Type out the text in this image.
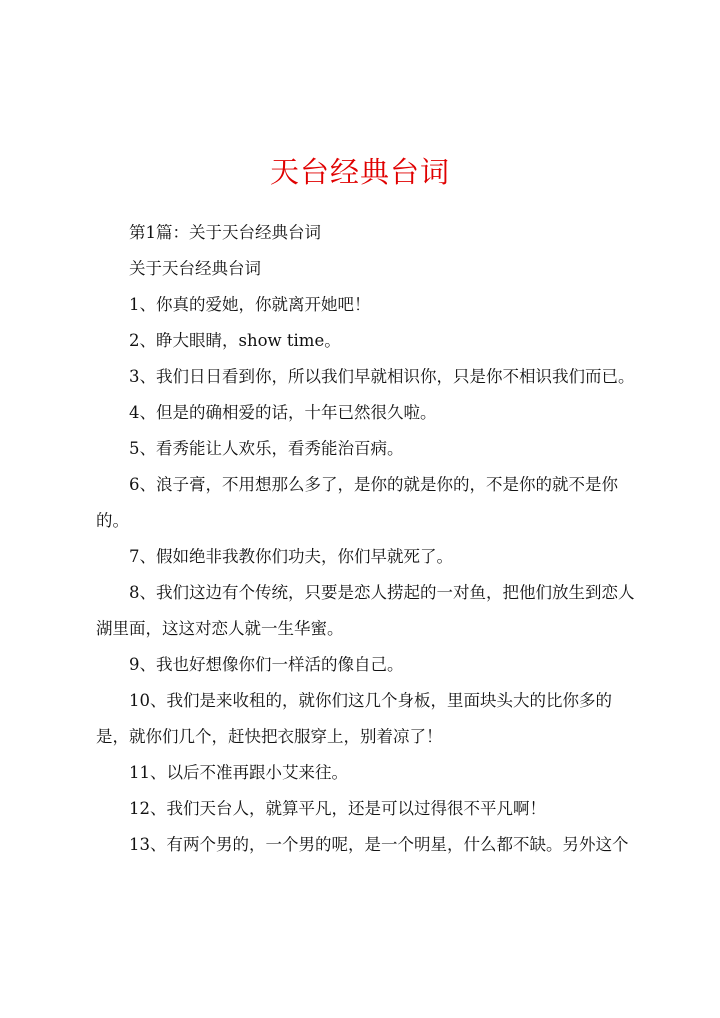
天台经典台词

第1篇：关于天台经典台词

关于天台经典台词

1、你真的爱她，你就离开她吧！

2、睁大眼睛，show time。

3、我们日日看到你，所以我们早就相识你，只是你不相识我们而已。

4、但是的确相爱的话，十年已然很久啦。

5、看秀能让人欢乐，看秀能治百病。

6、浪子膏，不用想那么多了，是你的就是你的，不是你的就不是你的。

7、假如绝非我教你们功夫，你们早就死了。

8、我们这边有个传统，只要是恋人捞起的一对鱼，把他们放生到恋人湖里面，这这对恋人就一生华蜜。

9、我也好想像你们一样活的像自己。

10、我们是来收租的，就你们这几个身板，里面块头大的比你多的是，就你们几个，赶快把衣服穿上，别着凉了！

11、以后不准再跟小艾来往。

12、我们天台人，就算平凡，还是可以过得很不平凡啊！

13、有两个男的，一个男的呢，是一个明星，什么都不缺。另外这个
